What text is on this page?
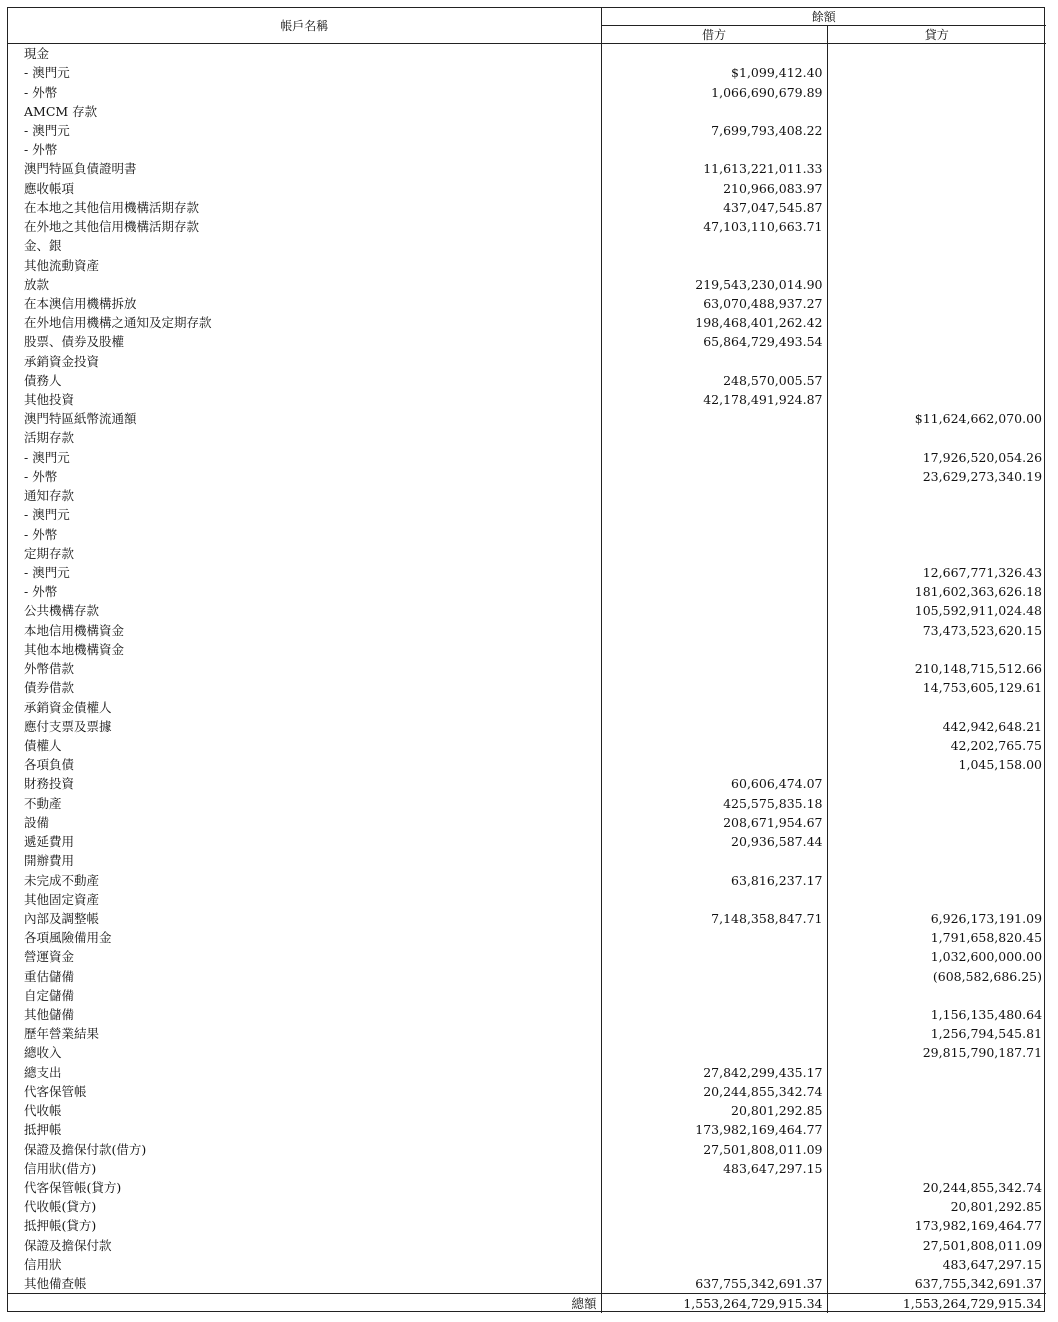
帳戶名稱	餘額	
	借方	貸方
現金		
- 澳門元	$1,099,412.40	
- 外幣	1,066,690,679.89	
AMCM 存款		
- 澳門元	7,699,793,408.22	
- 外幣		
澳門特區負債證明書	11,613,221,011.33	
應收帳項	210,966,083.97	
在本地之其他信用機構活期存款	437,047,545.87	
在外地之其他信用機構活期存款	47,103,110,663.71	
金、銀		
其他流動資產		
放款	219,543,230,014.90	
在本澳信用機構拆放	63,070,488,937.27	
在外地信用機構之通知及定期存款	198,468,401,262.42	
股票、債券及股權	65,864,729,493.54	
承銷資金投資		
債務人	248,570,005.57	
其他投資	42,178,491,924.87	
澳門特區紙幣流通額		$11,624,662,070.00
活期存款		
- 澳門元		17,926,520,054.26
- 外幣		23,629,273,340.19
通知存款		
- 澳門元		
- 外幣		
定期存款		
- 澳門元		12,667,771,326.43
- 外幣		181,602,363,626.18
公共機構存款		105,592,911,024.48
本地信用機構資金		73,473,523,620.15
其他本地機構資金		
外幣借款		210,148,715,512.66
債券借款		14,753,605,129.61
承銷資金債權人		
應付支票及票據		442,942,648.21
債權人		42,202,765.75
各項負債		1,045,158.00
財務投資	60,606,474.07	
不動產	425,575,835.18	
設備	208,671,954.67	
遞延費用	20,936,587.44	
開辦費用		
未完成不動產	63,816,237.17	
其他固定資產		
內部及調整帳	7,148,358,847.71	6,926,173,191.09
各項風險備用金		1,791,658,820.45
營運資金		1,032,600,000.00
重估儲備		(608,582,686.25)
自定儲備		
其他儲備		1,156,135,480.64
歷年營業結果		1,256,794,545.81
總收入		29,815,790,187.71
總支出	27,842,299,435.17	
代客保管帳	20,244,855,342.74	
代收帳	20,801,292.85	
抵押帳	173,982,169,464.77	
保證及擔保付款(借方)	27,501,808,011.09	
信用狀(借方)	483,647,297.15	
代客保管帳(貸方)		20,244,855,342.74
代收帳(貸方)		20,801,292.85
抵押帳(貸方)		173,982,169,464.77
保證及擔保付款		27,501,808,011.09
信用狀		483,647,297.15
其他備查帳	637,755,342,691.37	637,755,342,691.37
總額	1,553,264,729,915.34	1,553,264,729,915.34
